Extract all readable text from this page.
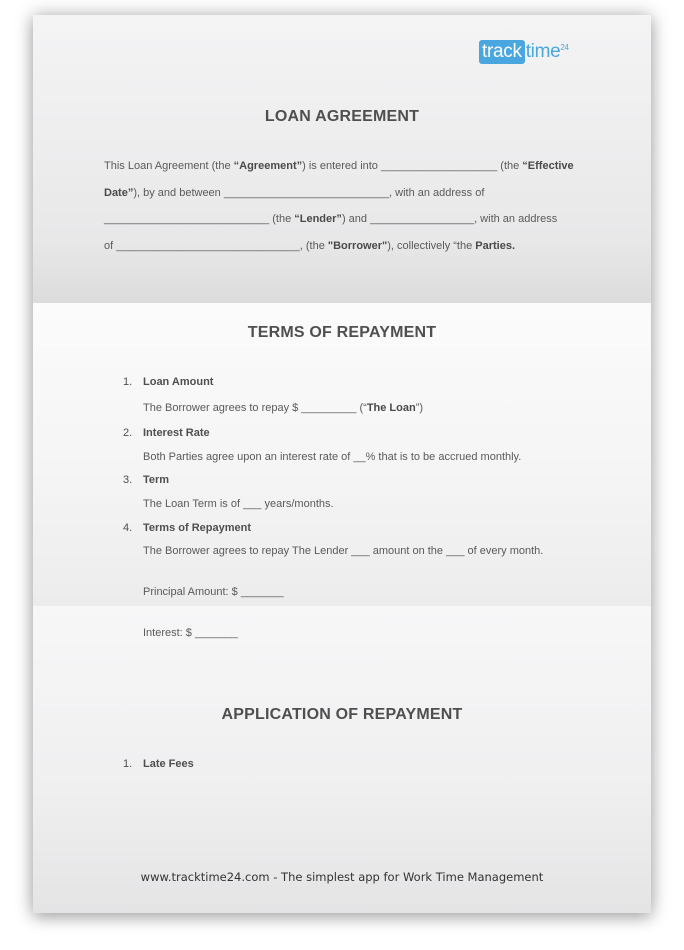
track time$^{24}$
LOAN AGREEMENT
This Loan Agreement (the “Agreement”) is entered into ___________________ (the “Effective
Date”), by and between ___________________________, with an address of
___________________________ (the “Lender”) and _________________, with an address
of ______________________________, (the "Borrower"), collectively “the Parties.
TERMS OF REPAYMENT
1. Loan Amount
The Borrower agrees to repay $ _________ (“The Loan”)
2. Interest Rate
Both Parties agree upon an interest rate of __% that is to be accrued monthly.
3. Term
The Loan Term is of ___ years/months.
4. Terms of Repayment
The Borrower agrees to repay The Lender ___ amount on the ___ of every month.
Principal Amount: $ _______
Interest: $ _______
APPLICATION OF REPAYMENT
1. Late Fees
www.tracktime24.com - The simplest app for Work Time Management
